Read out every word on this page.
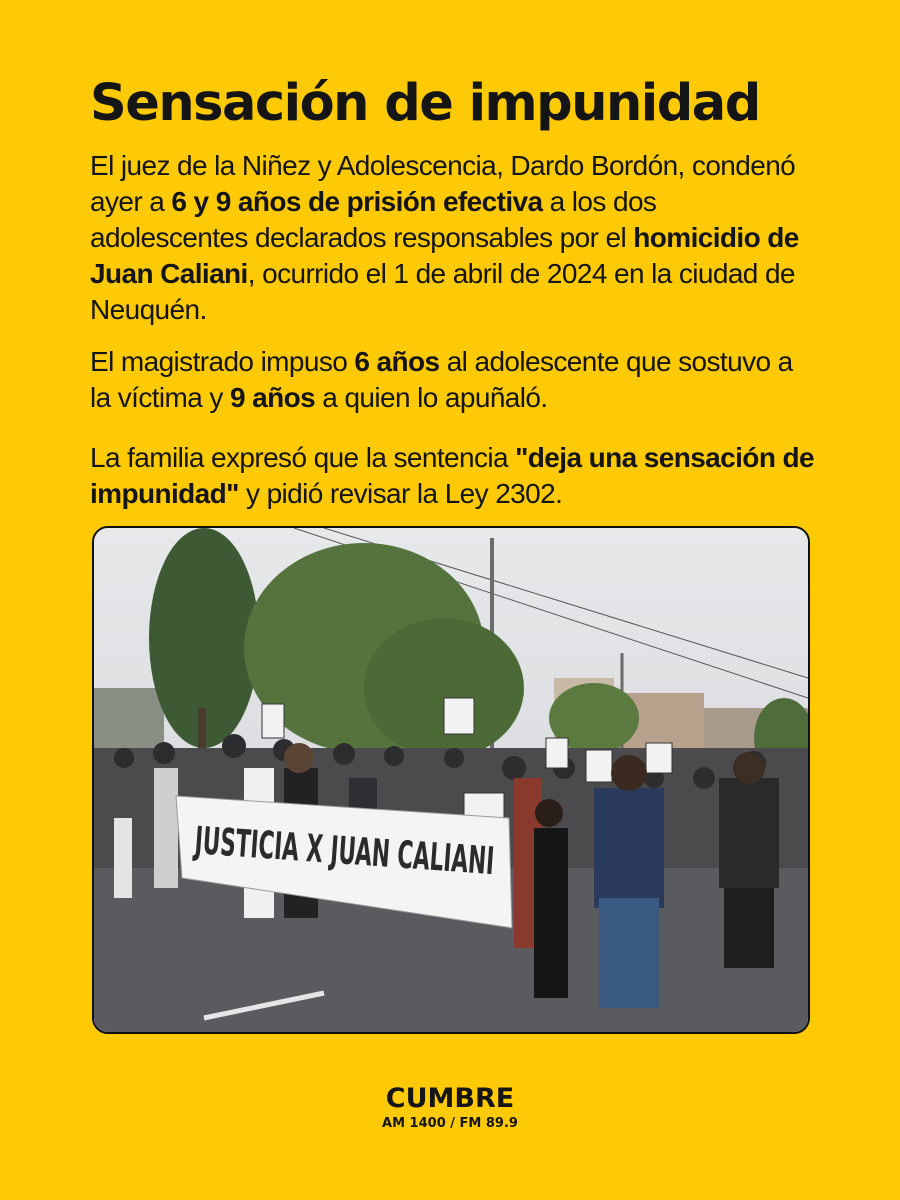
Sensación de impunidad

El juez de la Niñez y Adolescencia, Dardo Bordón, condenó ayer a 6 y 9 años de prisión efectiva a los dos adolescentes declarados responsables por el homicidio de Juan Caliani, ocurrido el 1 de abril de 2024 en la ciudad de Neuquén.

El magistrado impuso 6 años al adolescente que sostuvo a la víctima y 9 años a quien lo apuñaló.

La familia expresó que la sentencia "deja una sensación de impunidad" y pidió revisar la Ley 2302.

JUSTICIA X JUAN CALIANI
CUMBRE
AM 1400 / FM 89.9
